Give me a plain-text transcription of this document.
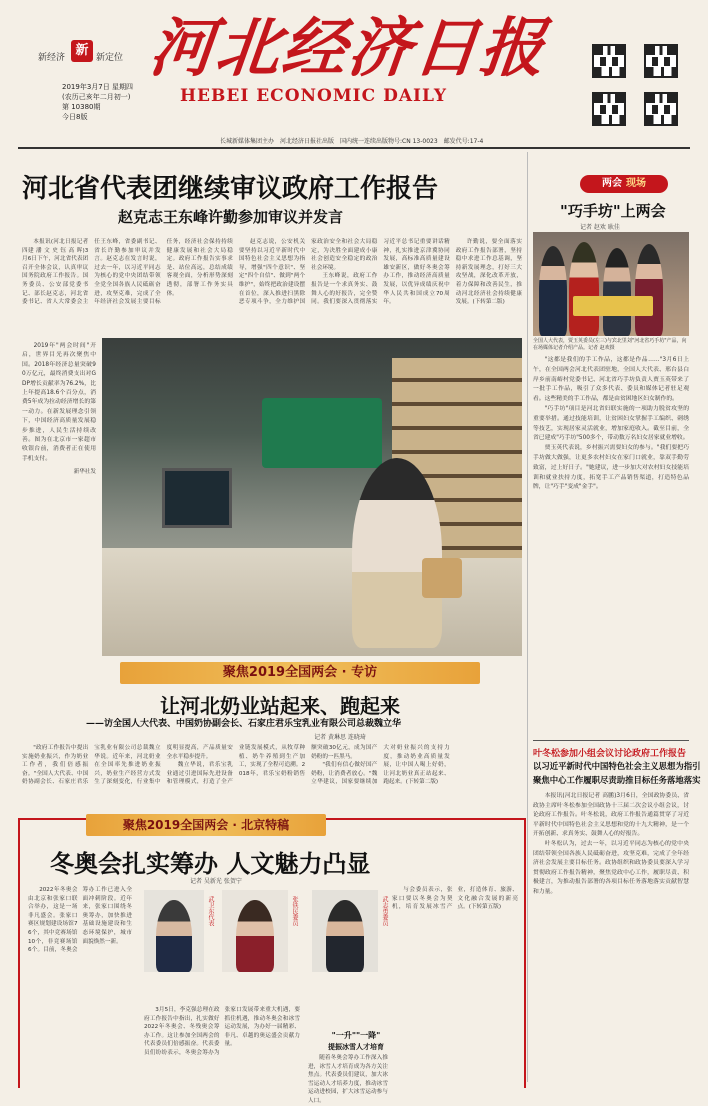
新经济 新 新定位 河北经济日报
HEBEI ECONOMIC DAILY
2019年3月7日 星期四
(农历己亥年二月初一)
第 10380期
今日8版
长城新媒体集团主办　河北经济日报社出版　国内统一连续出版物号:CN 13-0023　邮发代号:17-4
河北省代表团继续审议政府工作报告
赵克志王东峰许勤参加审议并发言

本报讯(河北日报记者 四建 潘 文 史 钰 高 晖)3月6日下午，河北省代表团召开全体会议，认真审议国务院政府工作报告。国务委员、公安部党委书记、部长赵克志，河北省委书记、省人大常委会主任王东峰，省委副书记、省长许勤参加审议并发言。赵克志在发言时说，过去一年，以习近平同志为核心的党中央团结带领全党全国各族人民砥砺奋进，攻坚克难，完成了全年经济社会发展主要目标任务，经济社会保持持续健康发展和社会大局稳定。政府工作报告实事求是、站位高远，总结成绩客观全面，分析形势深刻透彻，部署工作务实具体。

赵克志说，公安机关要坚持以习近平新时代中国特色社会主义思想为指导，增强"四个意识"、坚定"四个自信"、做到"两个维护"，始终把政治建设摆在首位，深入推进扫黑除恶专项斗争，全力维护国家政治安全和社会大局稳定，为决胜全面建成小康社会创造安全稳定的政治社会环境。

王东峰说，政府工作报告是一个求真务实、鼓舞人心的好报告，完全赞同。我们要深入贯彻落实习近平总书记重要讲话精神，扎实推进京津冀协同发展，高标准高质量建设雄安新区，做好冬奥会筹办工作，推动经济高质量发展，以优异成绩庆祝中华人民共和国成立70周年。

许勤说，要全面落实政府工作报告部署，坚持稳中求进工作总基调，坚持新发展理念，打好三大攻坚战，深化改革开放，着力保障和改善民生，推动河北经济社会持续健康发展。(下转第二版)

2019年"两会时间"开启，世界目光再次聚焦中国。2018年经济总量突破90万亿元，最终消费支出对GDP增长贡献率为76.2%，比上年提高18.6个百分点，消费5年成为拉动经济增长的第一动力。在新发展理念引领下，中国经济高质量发展稳步推进，人民生活持续改善。图为在北京市一家超市收银台前，消费者正在使用手机支付。

新华社发

聚焦2019全国两会 · 专访
让河北奶业站起来、跑起来
——访全国人大代表、中国奶协副会长、石家庄君乐宝乳业有限公司总裁魏立华
记者 黄琳思 连晓琦

"政府工作报告中提出实施奶业振兴，作为奶业工作者，我们倍感振奋。"全国人大代表、中国奶协副会长、石家庄君乐宝乳业有限公司总裁魏立华说。近年来，河北奶业在全国率先推进奶业振兴，奶业生产经营方式发生了深刻变化，行业集中度明显提高，产品质量安全水平稳步提升。

魏立华说，君乐宝乳业通过引进国际先进设备和管理模式，打造了全产业链发展模式，从牧草种植、奶牛养殖到生产加工，实现了全程可追溯。2018年，君乐宝奶粉销售额突破30亿元，成为国产奶粉的一匹黑马。

"我们有信心做好国产奶粉，让消费者放心。"魏立华建议，国家要继续加大对奶业振兴的支持力度，推动奶业高质量发展，让中国人喝上好奶，让河北奶业真正站起来、跑起来。(下转第二版)

聚焦2019全国两会 · 北京特稿
冬奥会扎实筹办 人文魅力凸显
记者 吴新光 张贺宁

2022年冬奥会由北京和张家口联合举办，这是一场非凡盛会。张家口赛区规划建设场馆76个，其中竞赛场馆10个，非竞赛场馆6个。目前，冬奥会筹办工作已进入全面冲刺阶段。近年来，张家口围绕冬奥筹办，加快推进基础设施建设和生态环境保护，城市面貌焕然一新。

武卫东代表	张铁民委员	武志勇委员

与会委员表示，张家口要以冬奥会为契机，培育发展冰雪产业，打造体育、旅游、文化融合发展的新亮点。(下转第五版)

3月5日，李克强总理在政府工作报告中指出，扎实做好2022年冬奥会、冬残奥会筹办工作。这让参加全国两会的代表委员们倍感振奋。代表委员们纷纷表示，冬奥会筹办为张家口发展带来重大机遇，要抓住机遇，推动冬奥会和冰雪运动发展，为办好一届精彩、非凡、卓越的奥运盛会贡献力量。

"一升""一降"
提振冰雪人才培育

随着冬奥会筹办工作深入推进，冰雪人才培育成为各方关注焦点。代表委员们建议，加大冰雪运动人才培养力度，推动冰雪运动进校园，扩大冰雪运动参与人口。

两会 现场
"巧手坊"上两会
记者 赵欢 耿佳
全国人大代表，贾玉英委员(左三)与宾北里刘"河北省巧手坊"产品，向在场媒体记者介绍产品。记者 赵欢摄

"这都是我们的手工作品，这都是作品……"3月6日上午，在全国两会河北代表团驻地，全国人大代表、邢台县白岸乡前南峪村党委书记、河北省巧手坊负责人贾玉英带来了一批手工作品，吸引了众多代表、委员和媒体记者驻足观看。这些精美的手工作品，都是由贫困地区妇女制作的。

"巧手坊"项目是河北省妇联实施的一项助力脱贫攻坚的重要举措。通过技能培训，让贫困妇女掌握手工编织、刺绣等技艺，实现居家灵活就业，增加家庭收入。截至目前，全省已建成"巧手坊"500多个，带动数万名妇女居家就业增收。

贾玉英代表说，乡村振兴需要妇女的参与。"我们要把巧手坊做大做强，让更多农村妇女在家门口就业，靠双手勤劳致富，过上好日子。"她建议，进一步加大对农村妇女技能培训和就业扶持力度，拓宽手工产品销售渠道，打造特色品牌，让"巧手"变成"金手"。

叶冬松参加小组会议讨论政府工作报告
以习近平新时代中国特色社会主义思想为指引
聚焦中心工作履职尽责助推目标任务落地落实

本报讯(河北日报记者 高鹏)3月6日，全国政协委员、省政协主席叶冬松参加全国政协十三届二次会议小组会议，讨论政府工作报告。叶冬松说，政府工作报告通篇贯穿了习近平新时代中国特色社会主义思想和党的十九大精神，是一个开拓创新、求真务实、鼓舞人心的好报告。

叶冬松认为，过去一年，以习近平同志为核心的党中央团结带领全国各族人民砥砺奋进，攻坚克难，完成了全年经济社会发展主要目标任务。政协组织和政协委员要深入学习贯彻政府工作报告精神，聚焦党政中心工作，履职尽责、积极建言，为推动报告部署的各项目标任务落地落实贡献智慧和力量。
